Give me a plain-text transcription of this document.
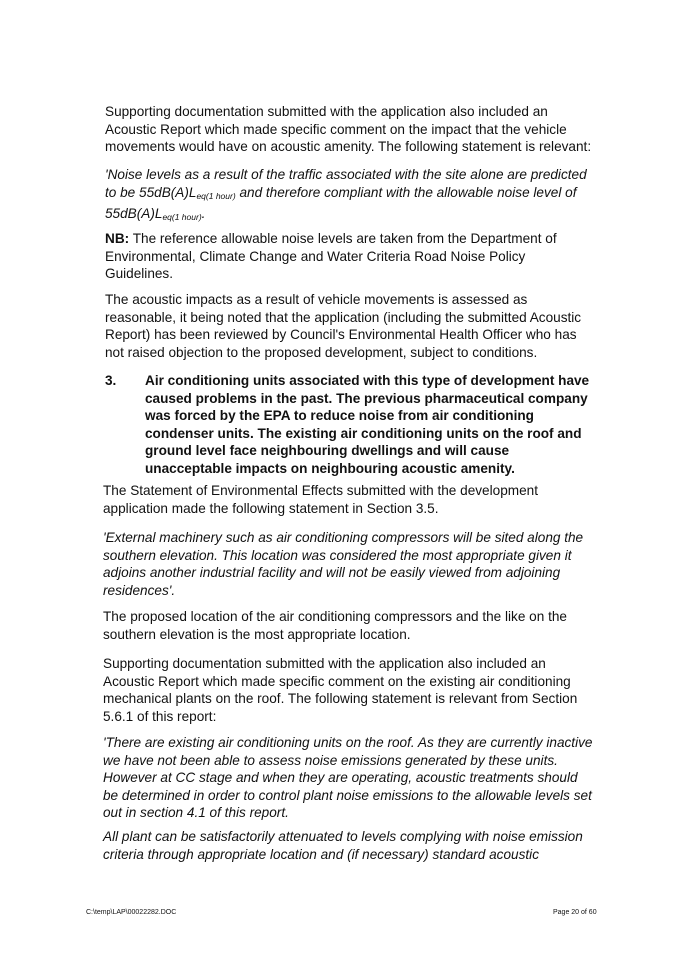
Supporting documentation submitted with the application also included an Acoustic Report which made specific comment on the impact that the vehicle movements would have on acoustic amenity. The following statement is relevant:

'Noise levels as a result of the traffic associated with the site alone are predicted to be $55dB(A)L_{eq(1 hour)}$ and therefore compliant with the allowable noise level of $55dB(A)L_{eq(1 hour)}$.

NB: The reference allowable noise levels are taken from the Department of Environmental, Climate Change and Water Criteria Road Noise Policy Guidelines.

The acoustic impacts as a result of vehicle movements is assessed as reasonable, it being noted that the application (including the submitted Acoustic Report) has been reviewed by Council's Environmental Health Officer who has not raised objection to the proposed development, subject to conditions.

3. Air conditioning units associated with this type of development have caused problems in the past. The previous pharmaceutical company was forced by the EPA to reduce noise from air conditioning condenser units. The existing air conditioning units on the roof and ground level face neighbouring dwellings and will cause unacceptable impacts on neighbouring acoustic amenity.

The Statement of Environmental Effects submitted with the development application made the following statement in Section 3.5.

'External machinery such as air conditioning compressors will be sited along the southern elevation. This location was considered the most appropriate given it adjoins another industrial facility and will not be easily viewed from adjoining residences'.

The proposed location of the air conditioning compressors and the like on the southern elevation is the most appropriate location.

Supporting documentation submitted with the application also included an Acoustic Report which made specific comment on the existing air conditioning mechanical plants on the roof. The following statement is relevant from Section 5.6.1 of this report:

'There are existing air conditioning units on the roof. As they are currently inactive we have not been able to assess noise emissions generated by these units. However at CC stage and when they are operating, acoustic treatments should be determined in order to control plant noise emissions to the allowable levels set out in section 4.1 of this report.

All plant can be satisfactorily attenuated to levels complying with noise emission criteria through appropriate location and (if necessary) standard acoustic

C:\temp\LAP\00022282.DOC	Page 20 of 60
